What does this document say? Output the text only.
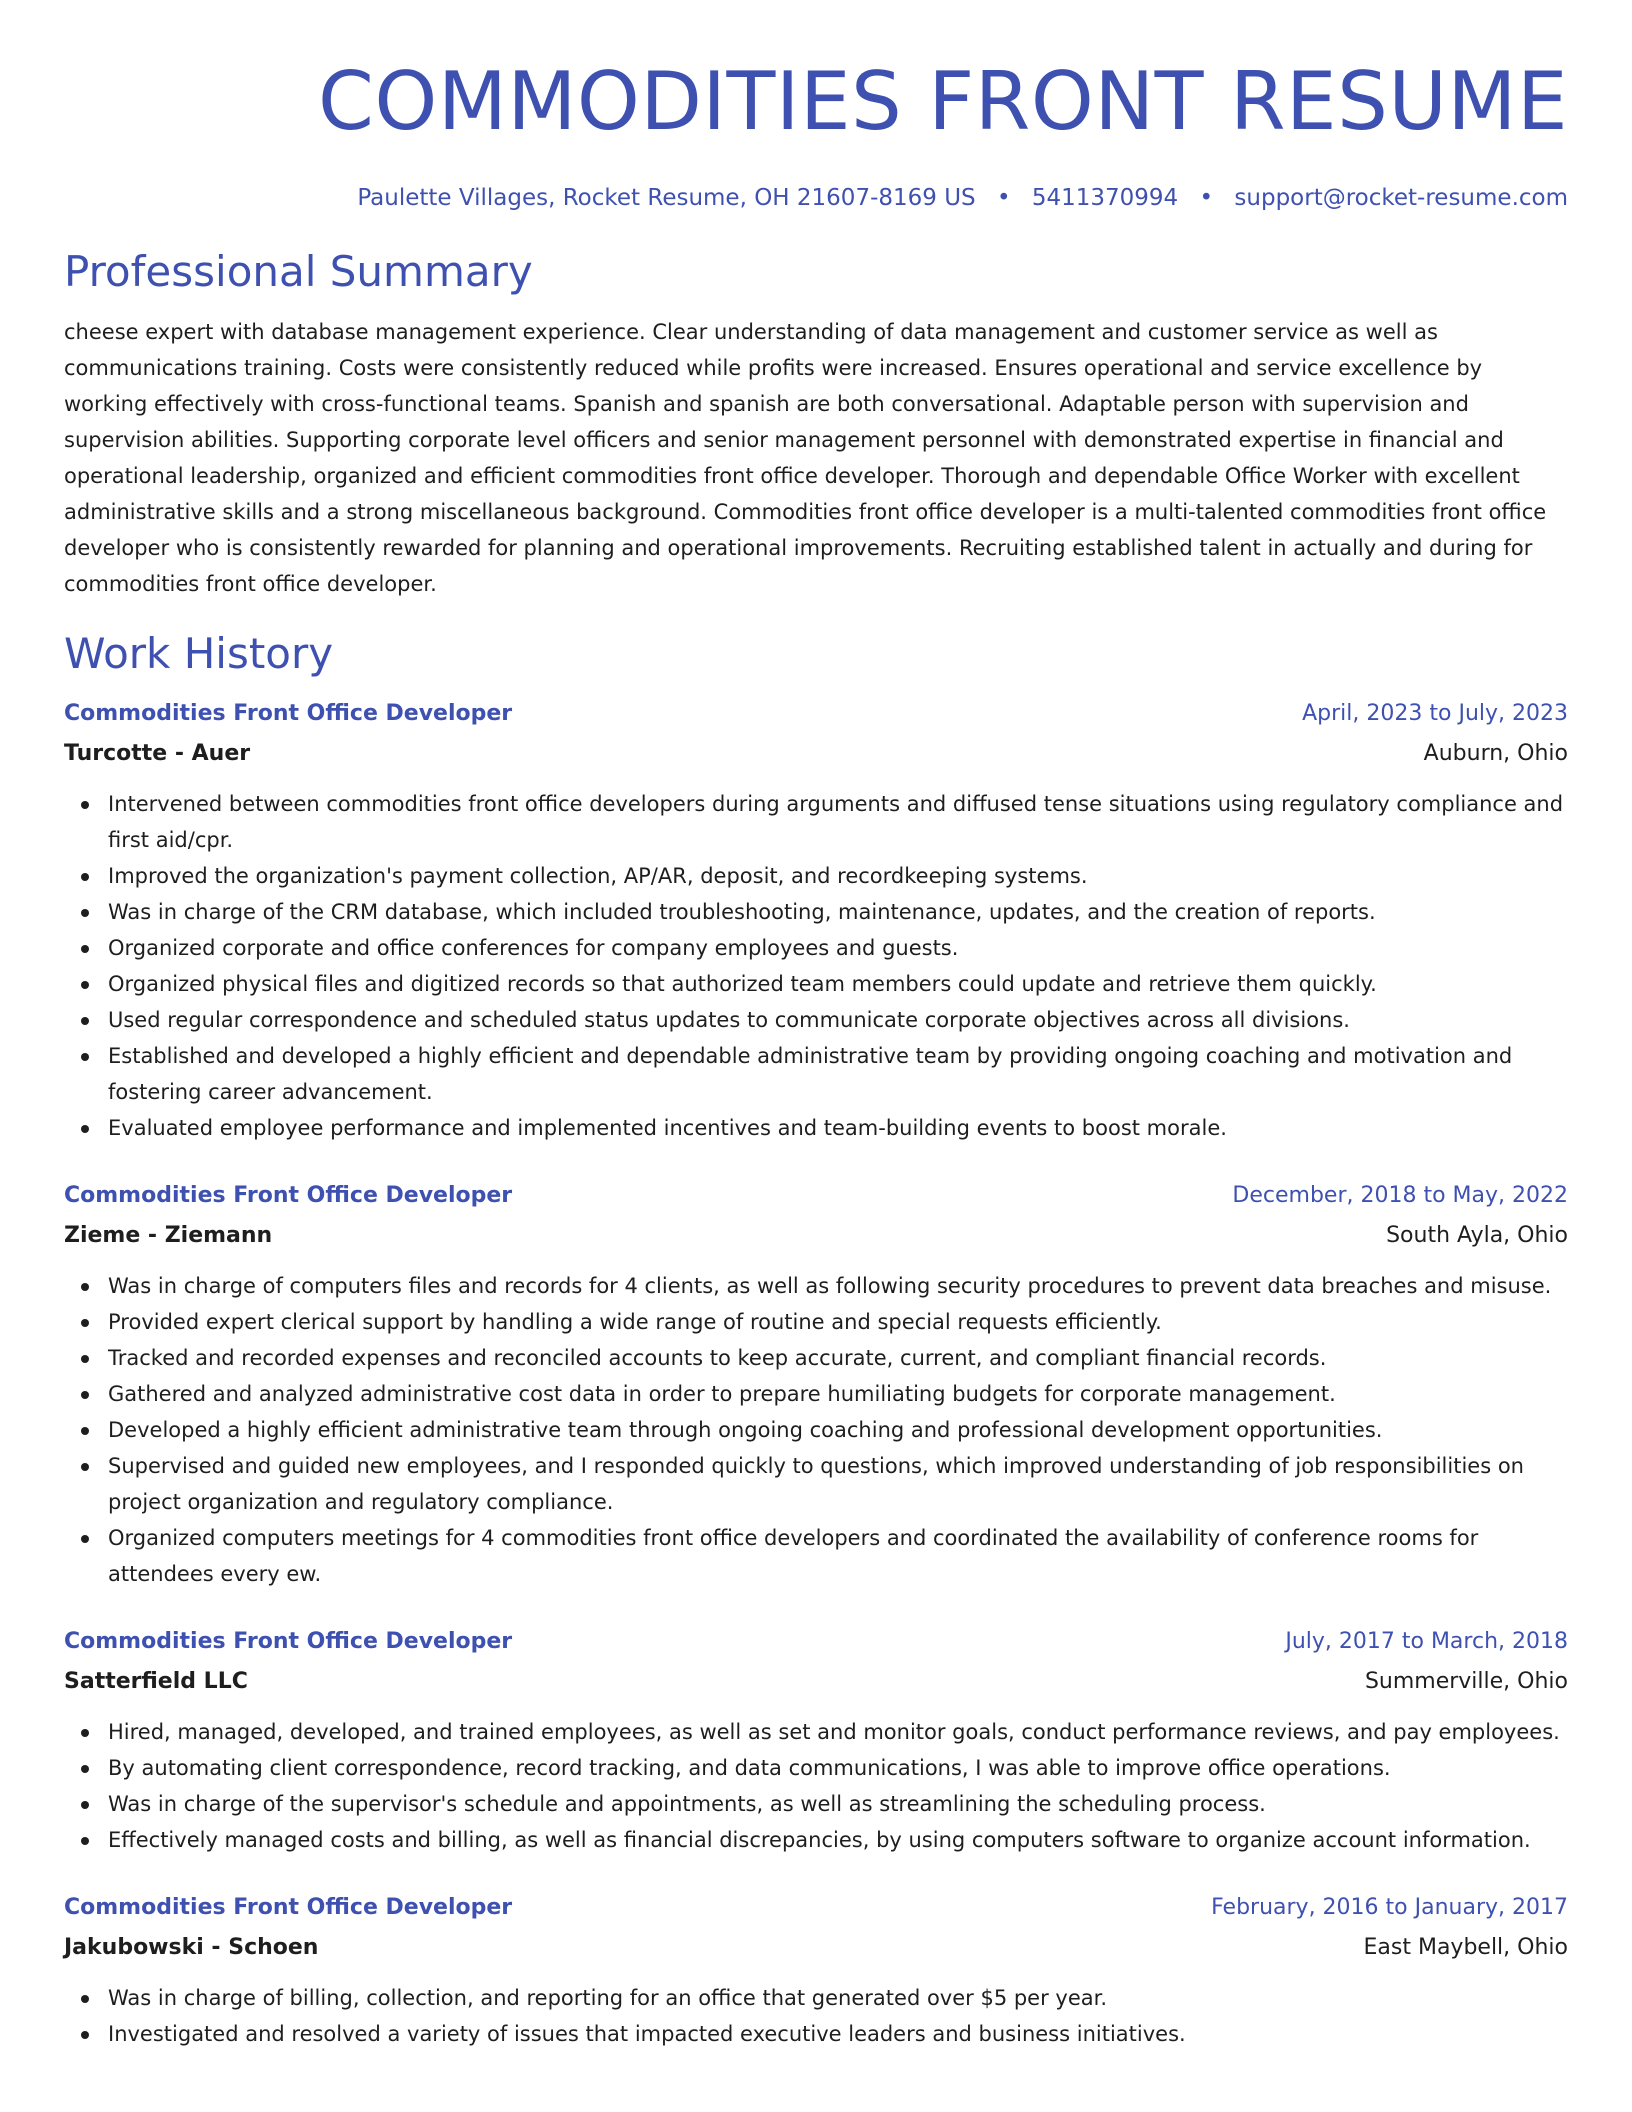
COMMODITIES FRONT RESUME
Paulette Villages, Rocket Resume, OH 21607-8169 US • 5411370994 • support@rocket-resume.com
Professional Summary
cheese expert with database management experience. Clear understanding of data management and customer service as well as communications training. Costs were consistently reduced while profits were increased. Ensures operational and service excellence by working effectively with cross-functional teams. Spanish and spanish are both conversational. Adaptable person with supervision and supervision abilities. Supporting corporate level officers and senior management personnel with demonstrated expertise in financial and operational leadership, organized and efficient commodities front office developer. Thorough and dependable Office Worker with excellent administrative skills and a strong miscellaneous background. Commodities front office developer is a multi-talented commodities front office developer who is consistently rewarded for planning and operational improvements. Recruiting established talent in actually and during for commodities front office developer.
Work History
Commodities Front Office Developer	April, 2023 to July, 2023
Turcotte - Auer	Auburn, Ohio
Intervened between commodities front office developers during arguments and diffused tense situations using regulatory compliance and first aid/cpr.
Improved the organization's payment collection, AP/AR, deposit, and recordkeeping systems.
Was in charge of the CRM database, which included troubleshooting, maintenance, updates, and the creation of reports.
Organized corporate and office conferences for company employees and guests.
Organized physical files and digitized records so that authorized team members could update and retrieve them quickly.
Used regular correspondence and scheduled status updates to communicate corporate objectives across all divisions.
Established and developed a highly efficient and dependable administrative team by providing ongoing coaching and motivation and fostering career advancement.
Evaluated employee performance and implemented incentives and team-building events to boost morale.
Commodities Front Office Developer	December, 2018 to May, 2022
Zieme - Ziemann	South Ayla, Ohio
Was in charge of computers files and records for 4 clients, as well as following security procedures to prevent data breaches and misuse.
Provided expert clerical support by handling a wide range of routine and special requests efficiently.
Tracked and recorded expenses and reconciled accounts to keep accurate, current, and compliant financial records.
Gathered and analyzed administrative cost data in order to prepare humiliating budgets for corporate management.
Developed a highly efficient administrative team through ongoing coaching and professional development opportunities.
Supervised and guided new employees, and I responded quickly to questions, which improved understanding of job responsibilities on project organization and regulatory compliance.
Organized computers meetings for 4 commodities front office developers and coordinated the availability of conference rooms for attendees every ew.
Commodities Front Office Developer	July, 2017 to March, 2018
Satterfield LLC	Summerville, Ohio
Hired, managed, developed, and trained employees, as well as set and monitor goals, conduct performance reviews, and pay employees.
By automating client correspondence, record tracking, and data communications, I was able to improve office operations.
Was in charge of the supervisor's schedule and appointments, as well as streamlining the scheduling process.
Effectively managed costs and billing, as well as financial discrepancies, by using computers software to organize account information.
Commodities Front Office Developer	February, 2016 to January, 2017
Jakubowski - Schoen	East Maybell, Ohio
Was in charge of billing, collection, and reporting for an office that generated over $5 per year.
Investigated and resolved a variety of issues that impacted executive leaders and business initiatives.
